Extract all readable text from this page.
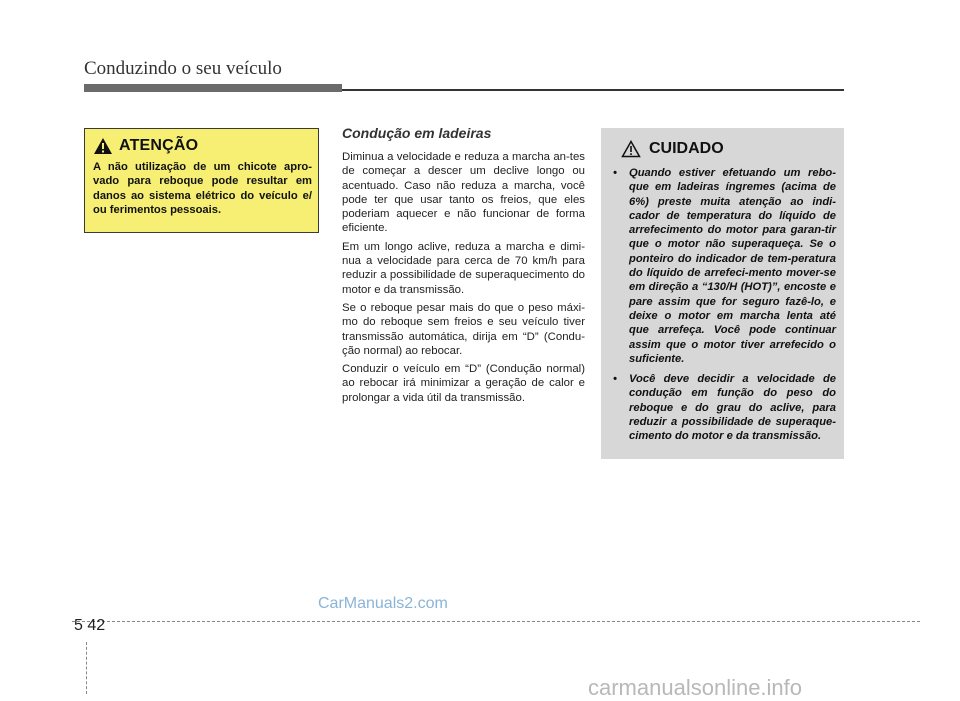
Conduzindo o seu veículo
ATENÇÃO
A não utilização de um chicote apro-vado para reboque pode resultar em danos ao sistema elétrico do veículo e/ ou ferimentos pessoais.
Condução em ladeiras

Diminua a velocidade e reduza a marcha an-tes de começar a descer um declive longo ou acentuado. Caso não reduza a marcha, você pode ter que usar tanto os freios, que eles poderiam aquecer e não funcionar de forma eficiente.

Em um longo aclive, reduza a marcha e dimi-nua a velocidade para cerca de 70 km/h para reduzir a possibilidade de superaquecimento do motor e da transmissão.

Se o reboque pesar mais do que o peso máxi-mo do reboque sem freios e seu veículo tiver transmissão automática, dirija em “D” (Condu-ção normal) ao rebocar.

Conduzir o veículo em “D” (Condução normal) ao rebocar irá minimizar a geração de calor e prolongar a vida útil da transmissão.

CUIDADO
• Quando estiver efetuando um rebo-que em ladeiras íngremes (acima de 6%) preste muita atenção ao indi-cador de temperatura do líquido de arrefecimento do motor para garan-tir que o motor não superaqueça. Se o ponteiro do indicador de tem-peratura do líquido de arrefeci-mento mover-se em direção a “130/H (HOT)”, encoste e pare assim que for seguro fazê-lo, e deixe o motor em marcha lenta até que arrefeça. Você pode continuar assim que o motor tiver arrefecido o suficiente.
• Você deve decidir a velocidade de condução em função do peso do reboque e do grau do aclive, para reduzir a possibilidade de superaque-cimento do motor e da transmissão.
CarManuals2.com
5 42
carmanualsonline.info
